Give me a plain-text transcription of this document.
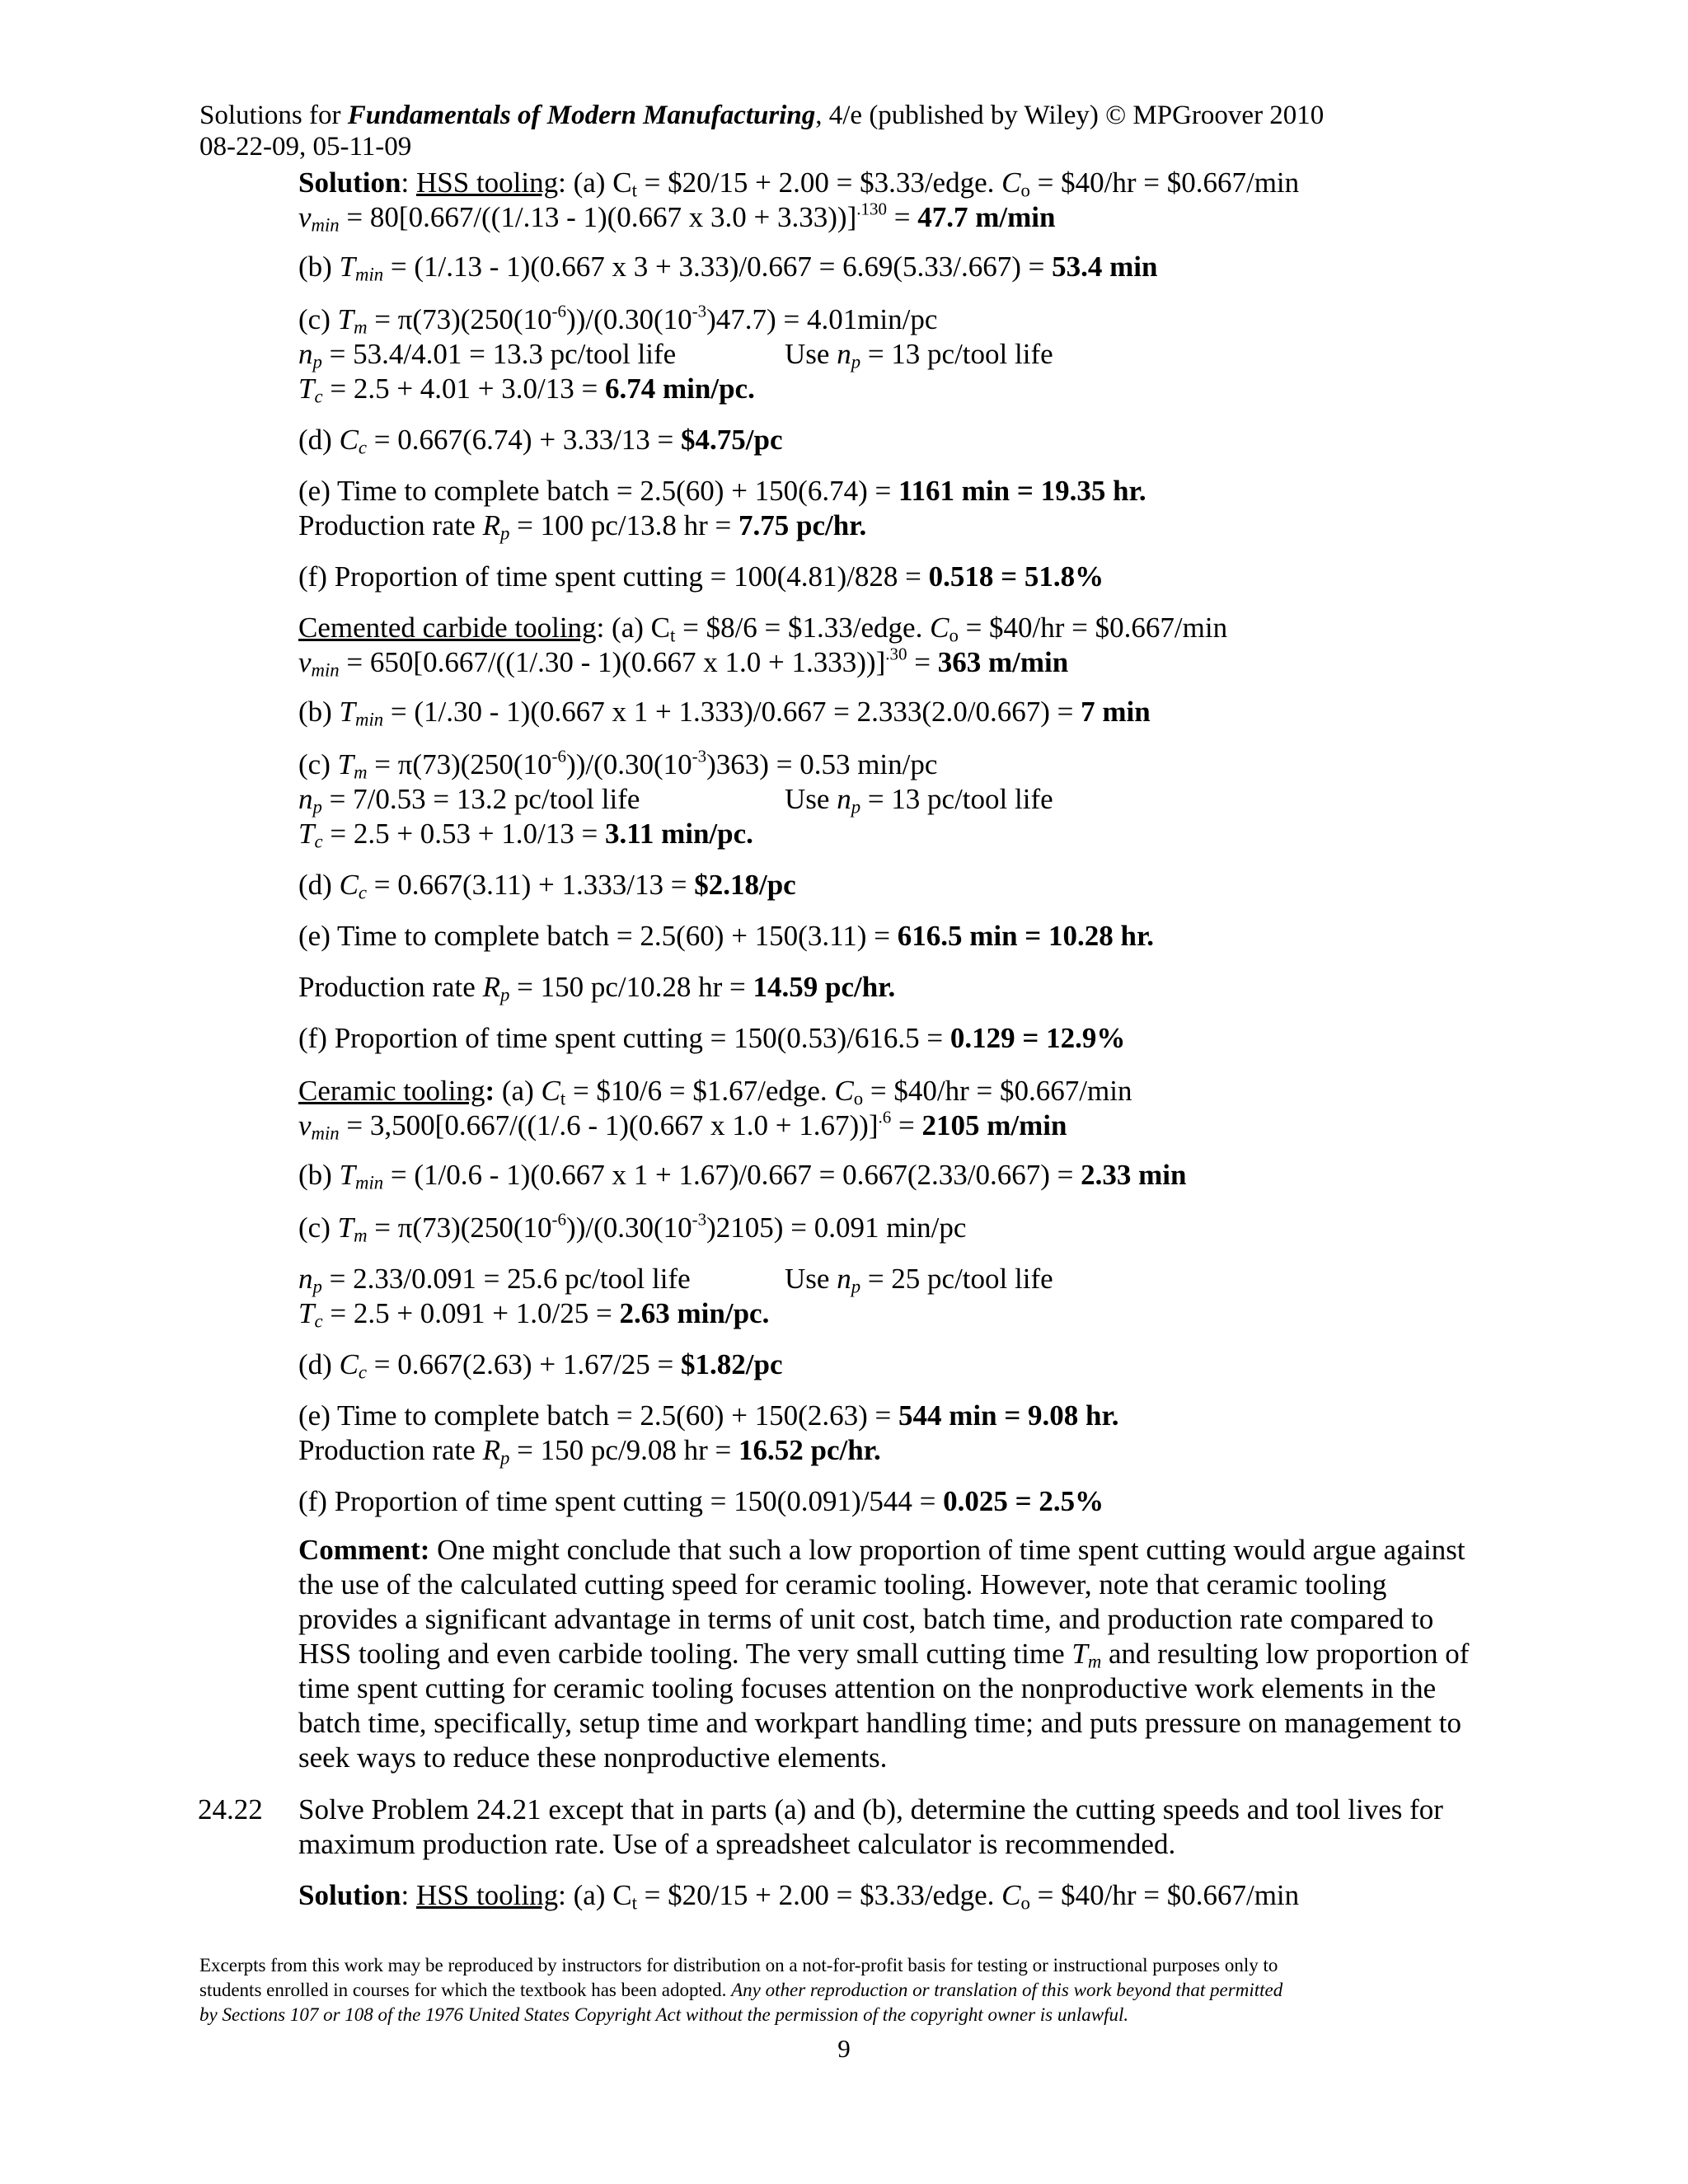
Solutions for Fundamentals of Modern Manufacturing, 4/e (published by Wiley) © MPGroover 2010
08-22-09, 05-11-09
Solution: HSS tooling: (a) $C_t$ = $20/15 + 2.00 = $3.33/edge. $C_o$ = $40/hr = $0.667/min
$v_{min} = 80[0.667/((1/.13 - 1)(0.667$ x 3.0 + 3.33))]$^{.130}$ = 47.7 m/min
(b) $T_{min} = (1/.13 - 1)(0.667$ x 3 + 3.33)/0.667 = 6.69(5.33/.667) = 53.4 min
(c) $T_m = \pi(73)(250(10^{-6}))/(0.30(10^{-3})47.7) = 4.01\min/pc$
$n_p = 53.4/4.01 = 13.3$ pc/tool life	Use $n_p = 13$ pc/tool life
$T_c = 2.5 + 4.01 + 3.0/13 = 6.74$ min/pc.
(d) $C_c = 0.667(6.74) + 3.33/13$ = $4.75/pc
(e) Time to complete batch = 2.5(60) + 150(6.74) = 1161 min = 19.35 hr.
Production rate $R_p = 100$ pc/13.8 hr = 7.75 pc/hr.
(f) Proportion of time spent cutting = 100(4.81)/828 = 0.518 = 51.8%
Cemented carbide tooling: (a) $C_t$ = $8/6 = $1.33/edge. $C_o$ = $40/hr = $0.667/min
$v_{min} = 650[0.667/((1/.30 - 1)(0.667$ x 1.0 + 1.333))]$^{.30}$ = 363 m/min
(b) $T_{min} = (1/.30 - 1)(0.667$ x 1 + 1.333)/0.667 = 2.333(2.0/0.667) = 7 min
(c) $T_m = \pi(73)(250(10^{-6}))/(0.30(10^{-3})363) = 0.53$ min/pc
$n_p = 7/0.53 = 13.2$ pc/tool life	Use $n_p = 13$ pc/tool life
$T_c = 2.5 + 0.53 + 1.0/13 = 3.11$ min/pc.
(d) $C_c = 0.667(3.11) + 1.333/13$ = $2.18/pc
(e) Time to complete batch = 2.5(60) + 150(3.11) = 616.5 min = 10.28 hr.
Production rate $R_p = 150$ pc/10.28 hr = 14.59 pc/hr.
(f) Proportion of time spent cutting = 150(0.53)/616.5 = 0.129 = 12.9%
Ceramic tooling: (a) $C_t$ = $10/6 = $1.67/edge. $C_o$ = $40/hr = $0.667/min
$v_{min} = 3,500[0.667/((1/.6 - 1)(0.667$ x 1.0 + 1.67))]$^{.6}$ = 2105 m/min
(b) $T_{min} = (1/0.6 - 1)(0.667$ x 1 + 1.67)/0.667 = 0.667(2.33/0.667) = 2.33 min
(c) $T_m = \pi(73)(250(10^{-6}))/(0.30(10^{-3})2105) = 0.091$ min/pc
$n_p = 2.33/0.091 = 25.6$ pc/tool life	Use $n_p = 25$ pc/tool life
$T_c = 2.5 + 0.091 + 1.0/25 = 2.63$ min/pc.
(d) $C_c = 0.667(2.63) + 1.67/25$ = $1.82/pc
(e) Time to complete batch = 2.5(60) + 150(2.63) = 544 min = 9.08 hr.
Production rate $R_p = 150$ pc/9.08 hr = 16.52 pc/hr.
(f) Proportion of time spent cutting = 150(0.091)/544 = 0.025 = 2.5%
Comment: One might conclude that such a low proportion of time spent cutting would argue against the use of the calculated cutting speed for ceramic tooling. However, note that ceramic tooling provides a significant advantage in terms of unit cost, batch time, and production rate compared to HSS tooling and even carbide tooling. The very small cutting time $T_m$ and resulting low proportion of time spent cutting for ceramic tooling focuses attention on the nonproductive work elements in the batch time, specifically, setup time and workpart handling time; and puts pressure on management to seek ways to reduce these nonproductive elements.
24.22 Solve Problem 24.21 except that in parts (a) and (b), determine the cutting speeds and tool lives for
maximum production rate. Use of a spreadsheet calculator is recommended.
Solution: HSS tooling: (a) $C_t$ = $20/15 + 2.00 = $3.33/edge. $C_o$ = $40/hr = $0.667/min
Excerpts from this work may be reproduced by instructors for distribution on a not-for-profit basis for testing or instructional purposes only to
students enrolled in courses for which the textbook has been adopted. Any other reproduction or translation of this work beyond that permitted
by Sections 107 or 108 of the 1976 United States Copyright Act without the permission of the copyright owner is unlawful.
9
